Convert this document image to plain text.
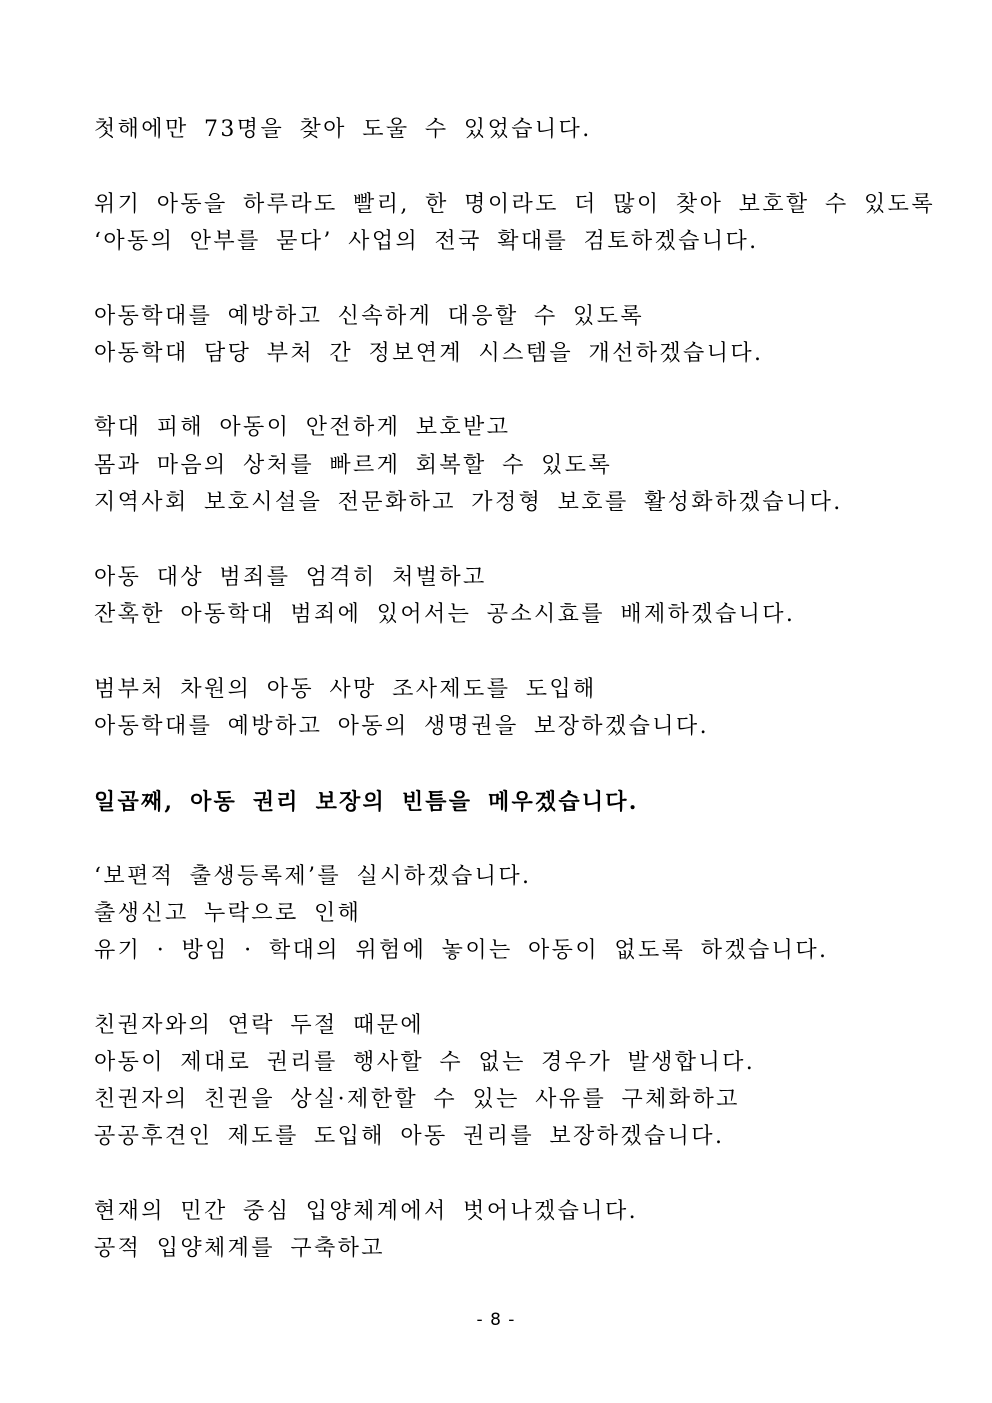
첫해에만 73명을 찾아 도울 수 있었습니다.
위기 아동을 하루라도 빨리, 한 명이라도 더 많이 찾아 보호할 수 있도록
‘아동의 안부를 묻다’ 사업의 전국 확대를 검토하겠습니다.
아동학대를 예방하고 신속하게 대응할 수 있도록
아동학대 담당 부처 간 정보연계 시스템을 개선하겠습니다.
학대 피해 아동이 안전하게 보호받고
몸과 마음의 상처를 빠르게 회복할 수 있도록
지역사회 보호시설을 전문화하고 가정형 보호를 활성화하겠습니다.
아동 대상 범죄를 엄격히 처벌하고
잔혹한 아동학대 범죄에 있어서는 공소시효를 배제하겠습니다.
범부처 차원의 아동 사망 조사제도를 도입해
아동학대를 예방하고 아동의 생명권을 보장하겠습니다.
일곱째, 아동 권리 보장의 빈틈을 메우겠습니다.
‘보편적 출생등록제’를 실시하겠습니다.
출생신고 누락으로 인해
유기 · 방임 · 학대의 위험에 놓이는 아동이 없도록 하겠습니다.
친권자와의 연락 두절 때문에
아동이 제대로 권리를 행사할 수 없는 경우가 발생합니다.
친권자의 친권을 상실·제한할 수 있는 사유를 구체화하고
공공후견인 제도를 도입해 아동 권리를 보장하겠습니다.
현재의 민간 중심 입양체계에서 벗어나겠습니다.
공적 입양체계를 구축하고
- 8 -
